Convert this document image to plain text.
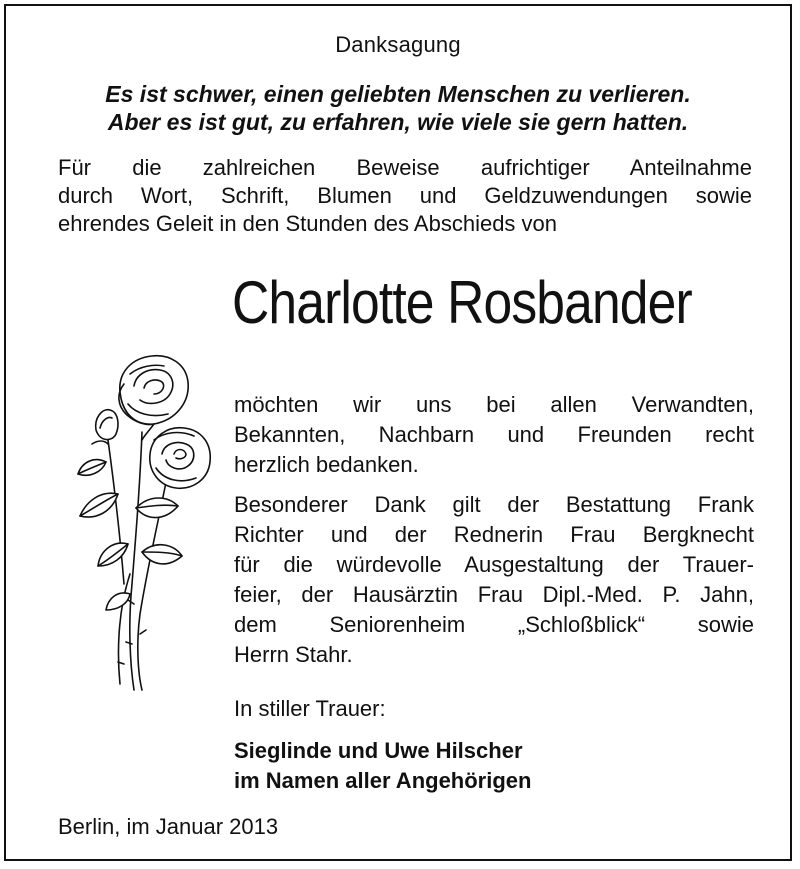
Danksagung
Es ist schwer, einen geliebten Menschen zu verlieren.
Aber es ist gut, zu erfahren, wie viele sie gern hatten.
Für die zahlreichen Beweise aufrichtiger Anteilnahme
durch Wort, Schrift, Blumen und Geldzuwendungen sowie
ehrendes Geleit in den Stunden des Abschieds von
Charlotte Rosbander
möchten wir uns bei allen Verwandten,
Bekannten, Nachbarn und Freunden recht
herzlich bedanken.
Besonderer Dank gilt der Bestattung Frank
Richter und der Rednerin Frau Bergknecht
für die würdevolle Ausgestaltung der Trauer-
feier, der Hausärztin Frau Dipl.-Med. P. Jahn,
dem Seniorenheim „Schloßblick“ sowie
Herrn Stahr.
In stiller Trauer:
Sieglinde und Uwe Hilscher
im Namen aller Angehörigen
Berlin, im Januar 2013
